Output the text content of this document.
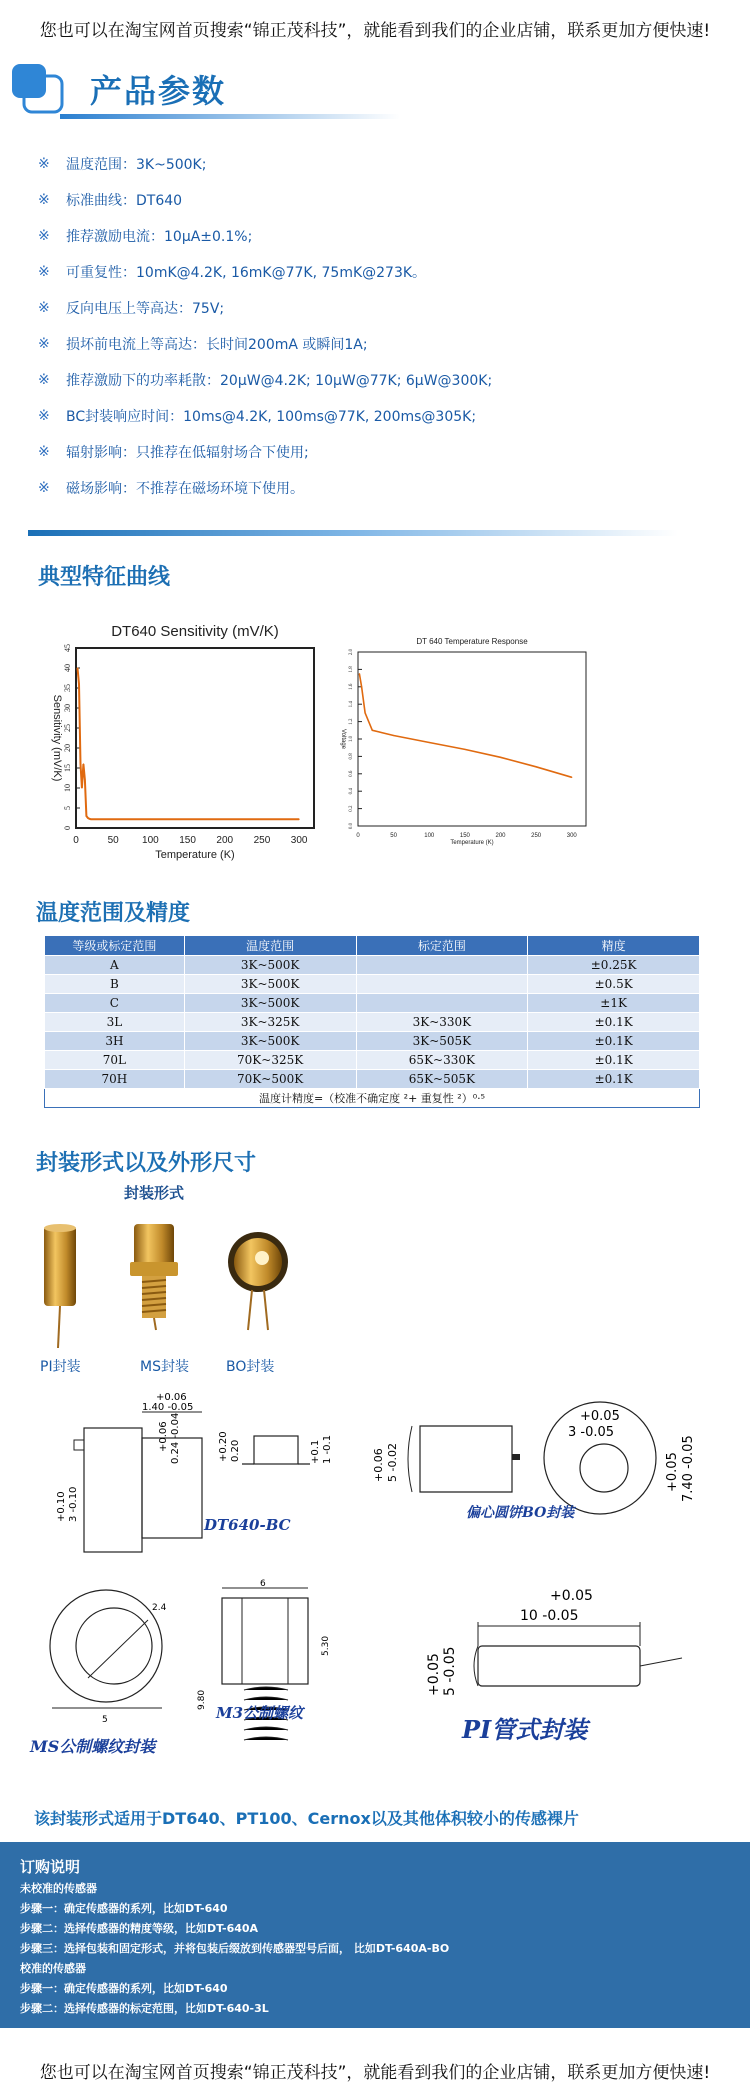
您也可以在淘宝网首页搜索“锦正茂科技”，就能看到我们的企业店铺，联系更加方便快速!
产品参数
※	温度范围：3K~500K;
※	标准曲线：DT640
※	推荐激励电流：10μA±0.1%;
※	可重复性：10mK@4.2K, 16mK@77K, 75mK@273K。
※	反向电压上等高达：75V;
※	损坏前电流上等高达：长时间200mA 或瞬间1A;
※	推荐激励下的功率耗散：20μW@4.2K; 10μW@77K; 6μW@300K;
※	BC封装响应时间：10ms@4.2K, 100ms@77K, 200ms@305K;
※	辐射影响：只推荐在低辐射场合下使用;
※	磁场影响：不推荐在磁场环境下使用。
典型特征曲线
DT640 Sensitivity (mV/K)
0	50 100 150 200 250 300
0
5
10
15
20
25
30
35
40
45
Temperature (K)
Sensitivity (mV/K)
DT 640 Temperature Response
0	50	100	150	200	250	300
0.0
0.2
0.4
0.6
0.8
1.0
1.2
1.4
1.6
1.8
2.0
Temperature (K)
Voltage
温度范围及精度
等级或标定范围	温度范围	标定范围	精度
A	3K~500K		±0.25K
B	3K~500K		±0.5K
C	3K~500K		±1K
3L	3K~325K	3K~330K	±0.1K
3H	3K~500K	3K~505K	±0.1K
70L	70K~325K	65K~330K	±0.1K
70H	70K~500K	65K~505K	±0.1K
温度计精度=（校准不确定度 ²+ 重复性 ²）⁰·⁵			
封装形式以及外形尺寸
封装形式
PI封装	MS封装	BO封装
+0.06
1.40 -0.05
+0.06 0.24 -0.04
+0.10 3 -0.10
+0.20 0.20	+0.1 1 -0.1
DT640-BC
+0.06 5 -0.02
+0.05
3 -0.05
+0.05 7.40 -0.05
偏心圆饼BO封装
2.4
5
6
5.30
9.80
M3公制螺纹
MS公制螺纹封装
+0.05
10 -0.05
+0.05 5 -0.05
PI管式封装
该封装形式适用于DT640、PT100、Cernox以及其他体积较小的传感裸片
订购说明
未校准的传感器
步骤一：确定传感器的系列，比如DT-640
步骤二：选择传感器的精度等级，比如DT-640A
步骤三：选择包装和固定形式，并将包装后缀放到传感器型号后面， 比如DT-640A-BO
校准的传感器
步骤一：确定传感器的系列，比如DT-640
步骤二：选择传感器的标定范围，比如DT-640-3L
您也可以在淘宝网首页搜索“锦正茂科技”，就能看到我们的企业店铺，联系更加方便快速!
